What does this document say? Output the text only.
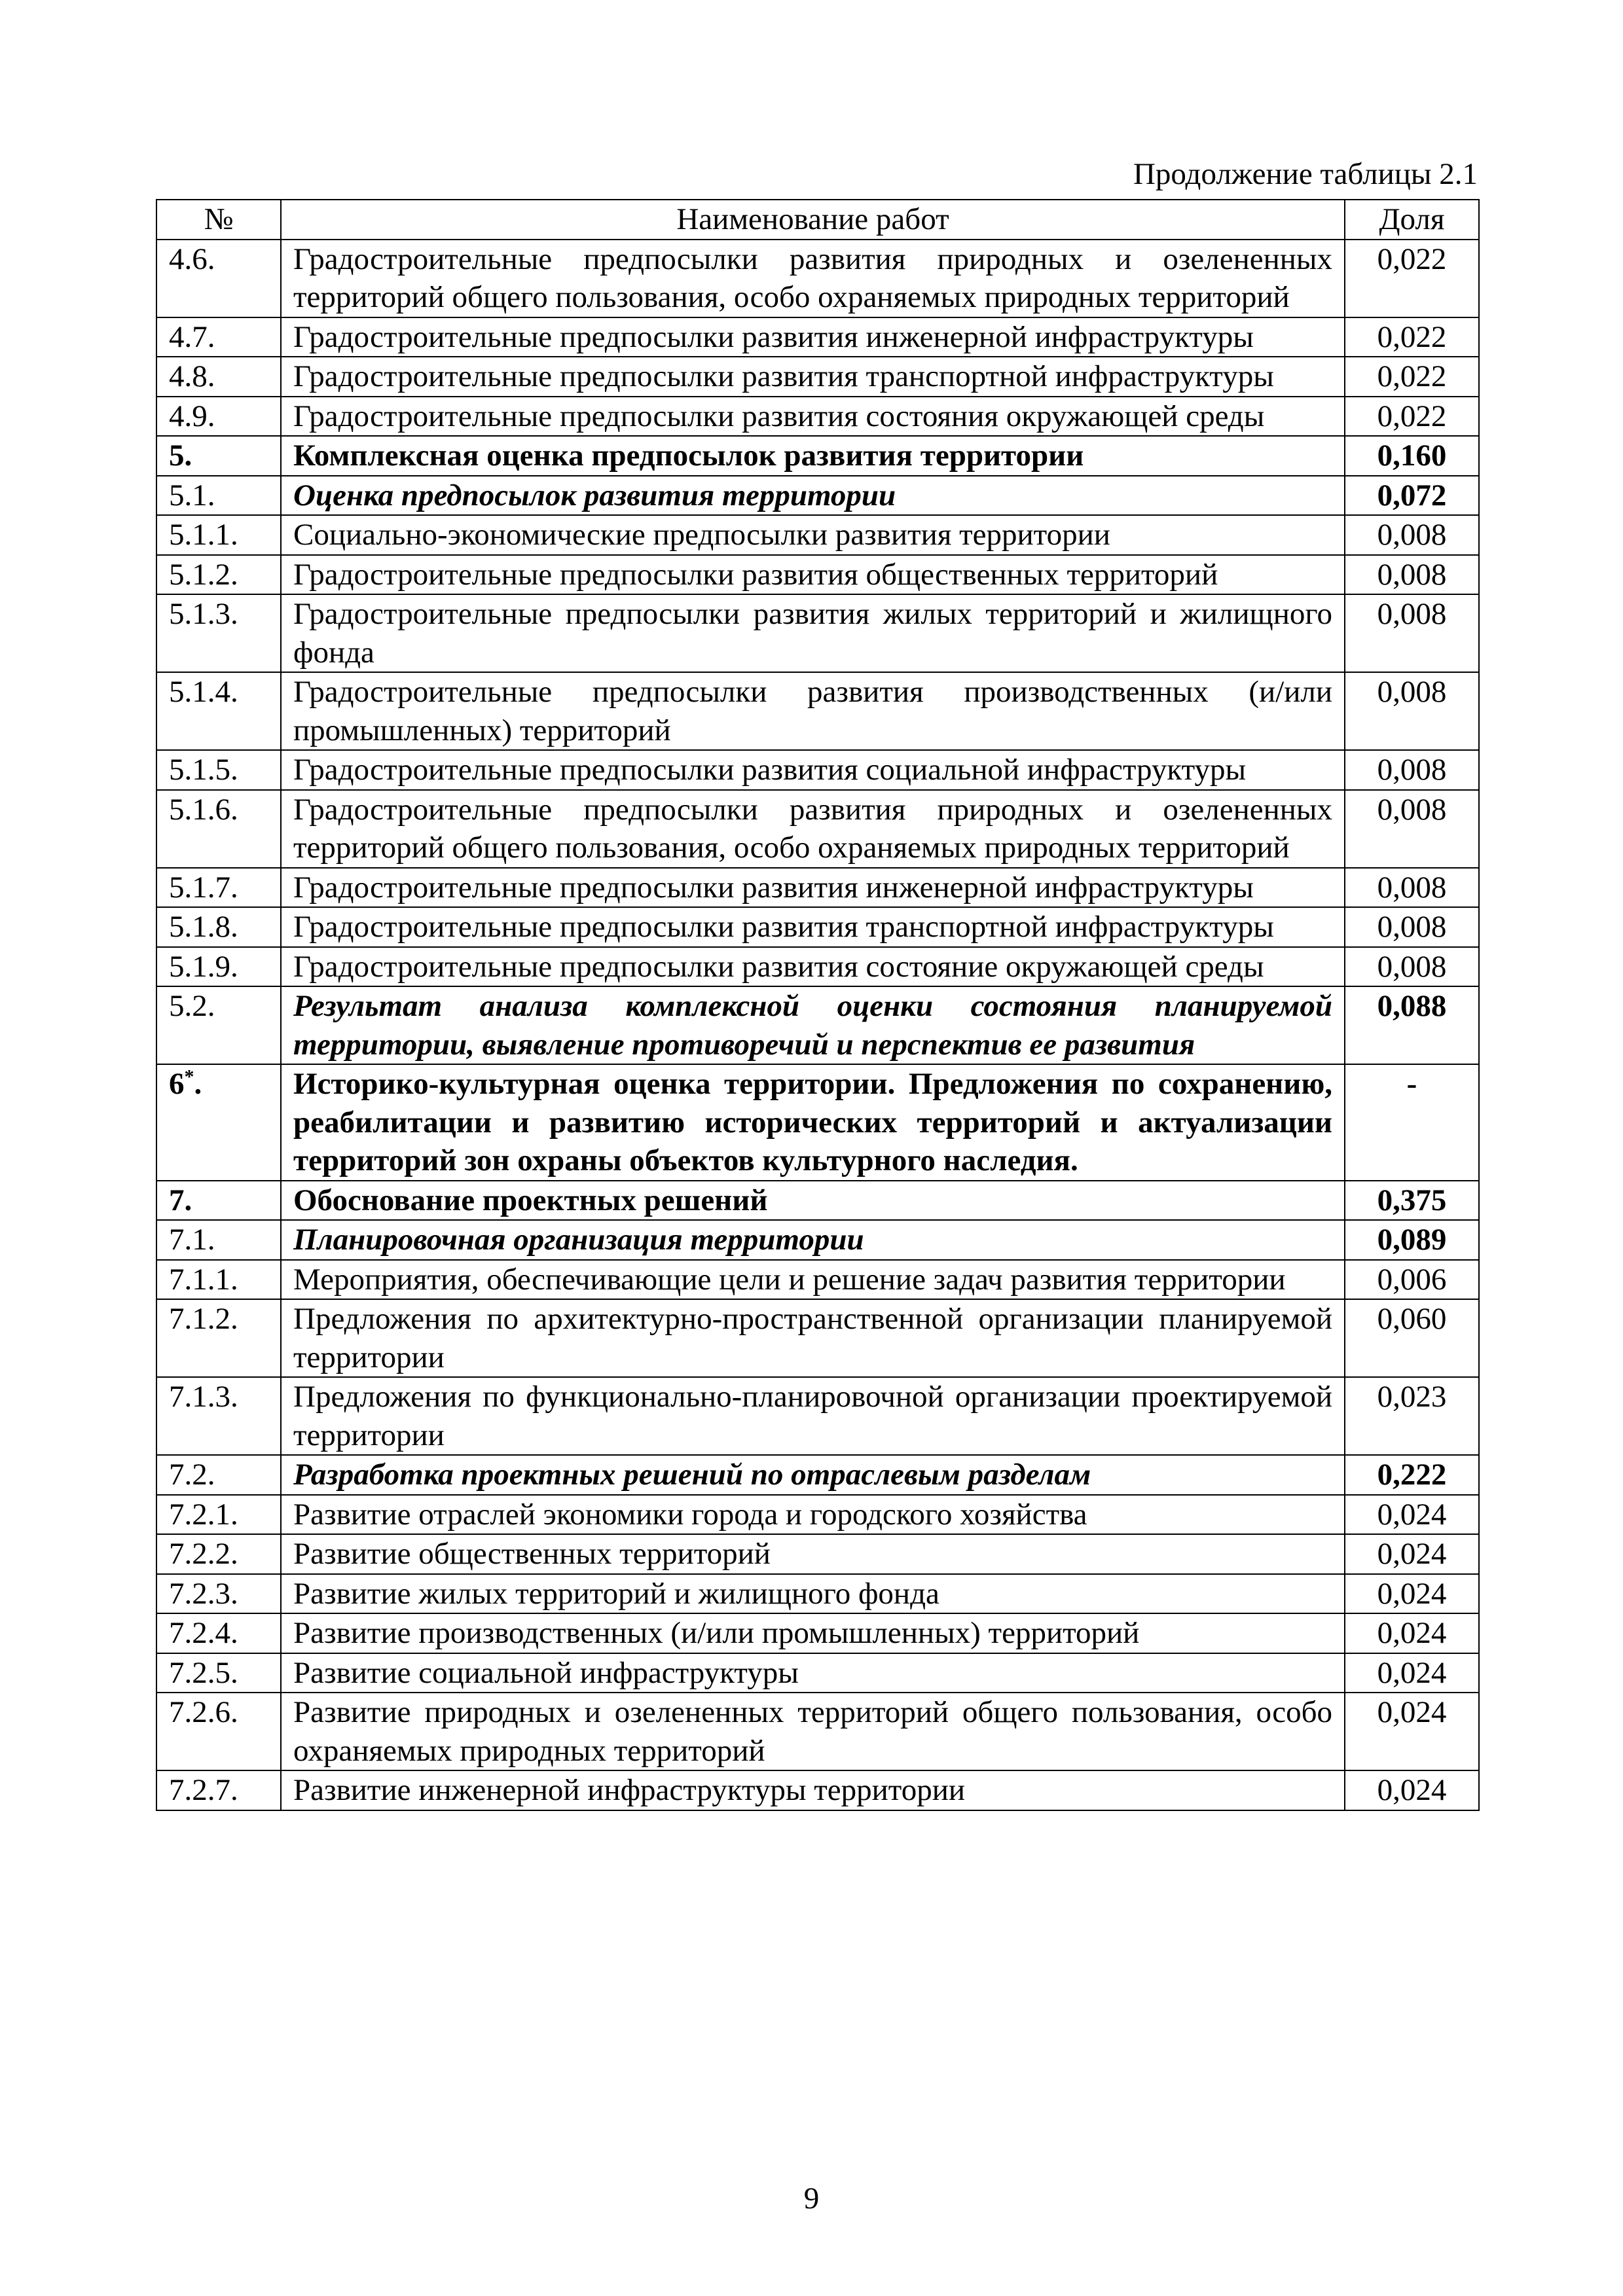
Продолжение таблицы 2.1
№	Наименование работ	Доля
4.6.	Градостроительные предпосылки развития природных и озелененных территорий общего пользования, особо охраняемых природных территорий	0,022
4.7.	Градостроительные предпосылки развития инженерной инфраструктуры	0,022
4.8.	Градостроительные предпосылки развития транспортной инфраструктуры	0,022
4.9.	Градостроительные предпосылки развития состояния окружающей среды	0,022
5.	Комплексная оценка предпосылок развития территории	0,160
5.1.	Оценка предпосылок развития территории	0,072
5.1.1.	Социально-экономические предпосылки развития территории	0,008
5.1.2.	Градостроительные предпосылки развития общественных территорий	0,008
5.1.3.	Градостроительные предпосылки развития жилых территорий и жилищного фонда	0,008
5.1.4.	Градостроительные предпосылки развития производственных (и/или промышленных) территорий	0,008
5.1.5.	Градостроительные предпосылки развития социальной инфраструктуры	0,008
5.1.6.	Градостроительные предпосылки развития природных и озелененных территорий общего пользования, особо охраняемых природных территорий	0,008
5.1.7.	Градостроительные предпосылки развития инженерной инфраструктуры	0,008
5.1.8.	Градостроительные предпосылки развития транспортной инфраструктуры	0,008
5.1.9.	Градостроительные предпосылки развития состояние окружающей среды	0,008
5.2.	Результат анализа комплексной оценки состояния планируемой территории, выявление противоречий и перспектив ее развития	0,088
6*.	Историко-культурная оценка территории. Предложения по сохранению, реабилитации и развитию исторических территорий и актуализации территорий зон охраны объектов культурного наследия.	-
7.	Обоснование проектных решений	0,375
7.1.	Планировочная организация территории	0,089
7.1.1.	Мероприятия, обеспечивающие цели и решение задач развития территории	0,006
7.1.2.	Предложения по архитектурно-пространственной организации планируемой территории	0,060
7.1.3.	Предложения по функционально-планировочной организации проектируемой территории	0,023
7.2.	Разработка проектных решений по отраслевым разделам	0,222
7.2.1.	Развитие отраслей экономики города и городского хозяйства	0,024
7.2.2.	Развитие общественных территорий	0,024
7.2.3.	Развитие жилых территорий и жилищного фонда	0,024
7.2.4.	Развитие производственных (и/или промышленных) территорий	0,024
7.2.5.	Развитие социальной инфраструктуры	0,024
7.2.6.	Развитие природных и озелененных территорий общего пользования, особо охраняемых природных территорий	0,024
7.2.7.	Развитие инженерной инфраструктуры территории	0,024
9
